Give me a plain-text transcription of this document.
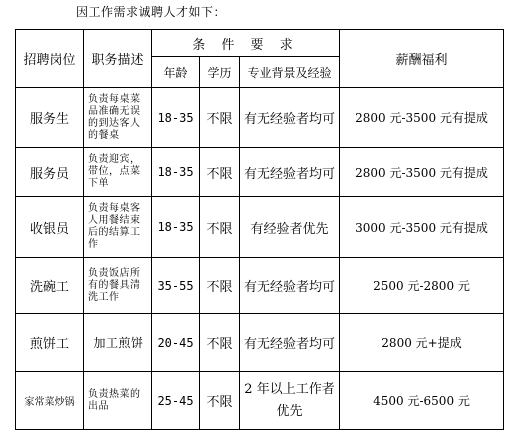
因工作需求诚聘人才如下：
招聘岗位	职务描述	条 件 要 求			薪酬福利
		年龄	学历	专业背景及经验	
服务生	负责每桌菜品准确无误的到达客人的餐桌	18-35	不限	有无经验者均可	2800 元-3500 元有提成
服务员	负责迎宾，带位，点菜下单	18-35	不限	有无经验者均可	2800 元-3500 元有提成
收银员	负责每桌客人用餐结束后的结算工作	18-35	不限	有经验者优先	3000 元-3500 元有提成
洗碗工	负责饭店所有的餐具清洗工作	35-55	不限	有无经验者均可	2500 元-2800 元
煎饼工	加工煎饼	20-45	不限	有无经验者均可	2800 元+提成
家常菜炒锅	负责热菜的出品	25-45	不限	2 年以上工作者优先	4500 元-6500 元
